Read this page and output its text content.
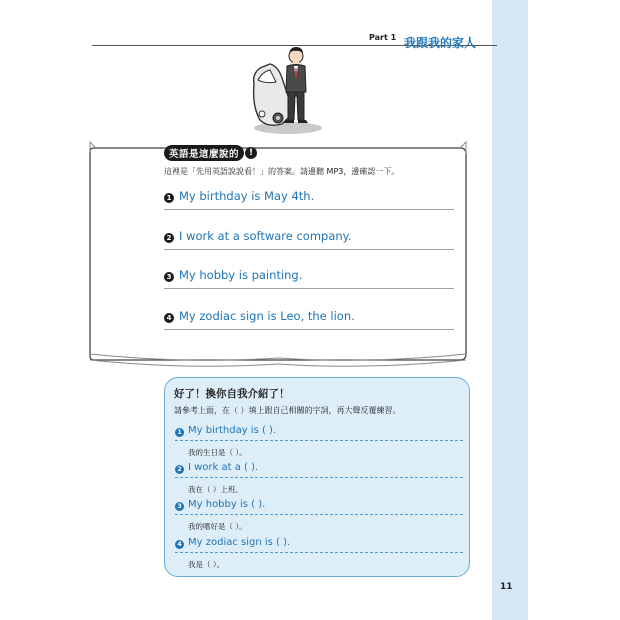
Part 1 我跟我的家人
英語是這麼說的	!
這裡是「先用英語說說看！」的答案。請邊聽 MP3，邊確認一下。
1 My birthday is May 4th.
2 I work at a software company.
3 My hobby is painting.
4 My zodiac sign is Leo, the lion.
好了！換你自我介紹了！
請參考上面，在（ ）填上跟自己相關的字詞，再大聲反覆練習。
1 My birthday is ( ).
我的生日是（ ）。
2 I work at a ( ).
我在（ ）上班。
3 My hobby is ( ).
我的嗜好是（ ）。
4 My zodiac sign is ( ).
我是（ ）。
11
